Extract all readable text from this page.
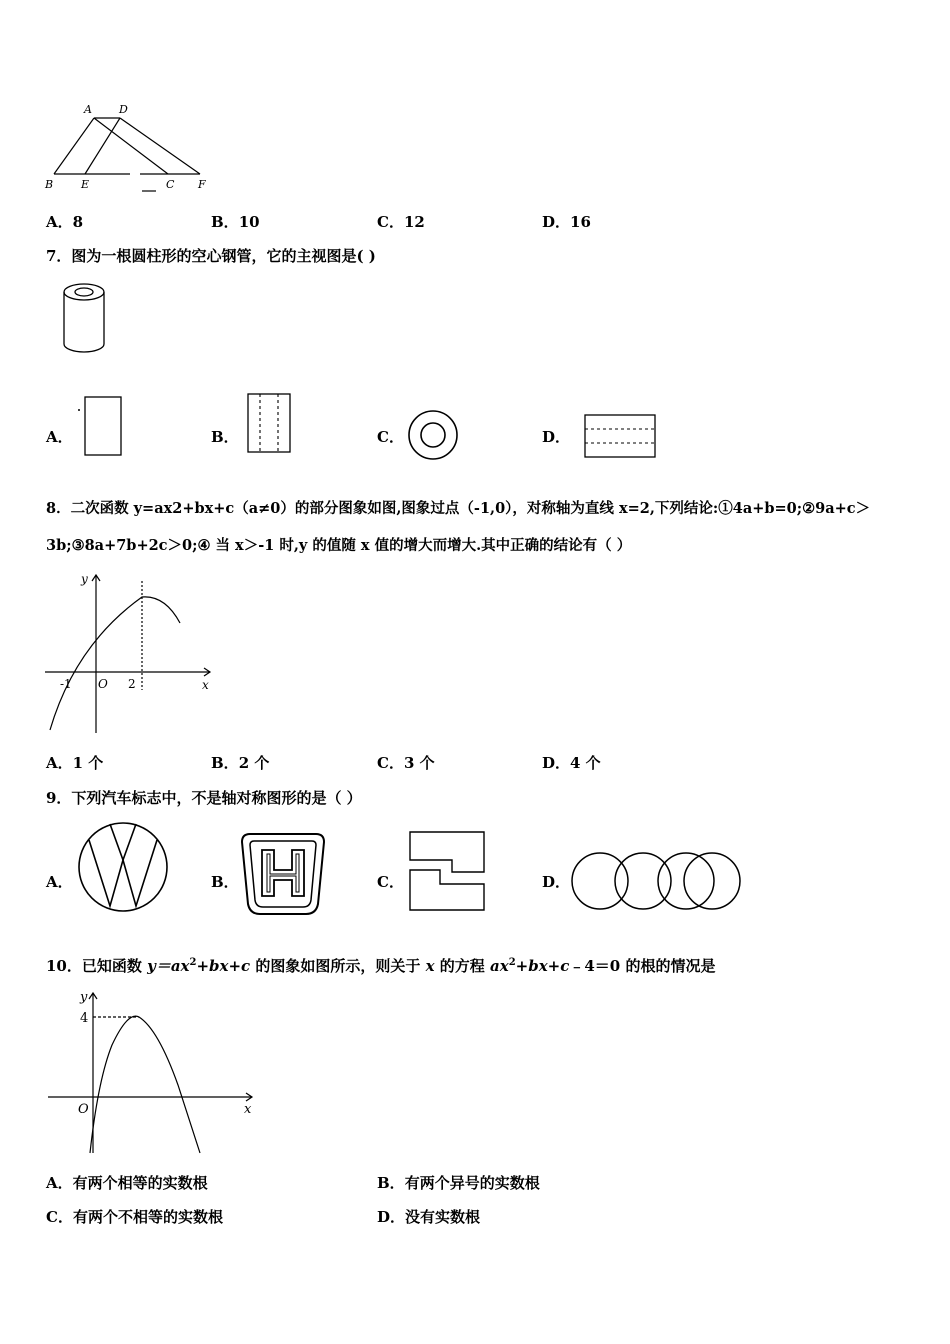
A D
B	E	C F
A．8	B．10	C．12	D．16
7．图为一根圆柱形的空心钢管，它的主视图是( )
A．	B．	C．	D．
8．二次函数 y=ax2+bx+c（a≠0）的部分图象如图,图象过点（-1,0），对称轴为直线 x=2,下列结论:①4a+b=0;②9a+c＞
3b;③8a+7b+2c＞0;④ 当 x＞-1 时,y 的值随 x 值的增大而增大.其中正确的结论有（ ）
y
x
O
-1	2
A．1 个	B．2 个	C．3 个	D．4 个
9．下列汽车标志中，不是轴对称图形的是（ ）
A．	B．	C．	D．
10．已知函数 $y=ax^2+bx+c$ 的图象如图所示，则关于 x 的方程 $ax^2+bx+c﹣4=0$ 的根的情况是
y
x
O
4
A．有两个相等的实数根	B．有两个异号的实数根
C．有两个不相等的实数根	D．没有实数根
